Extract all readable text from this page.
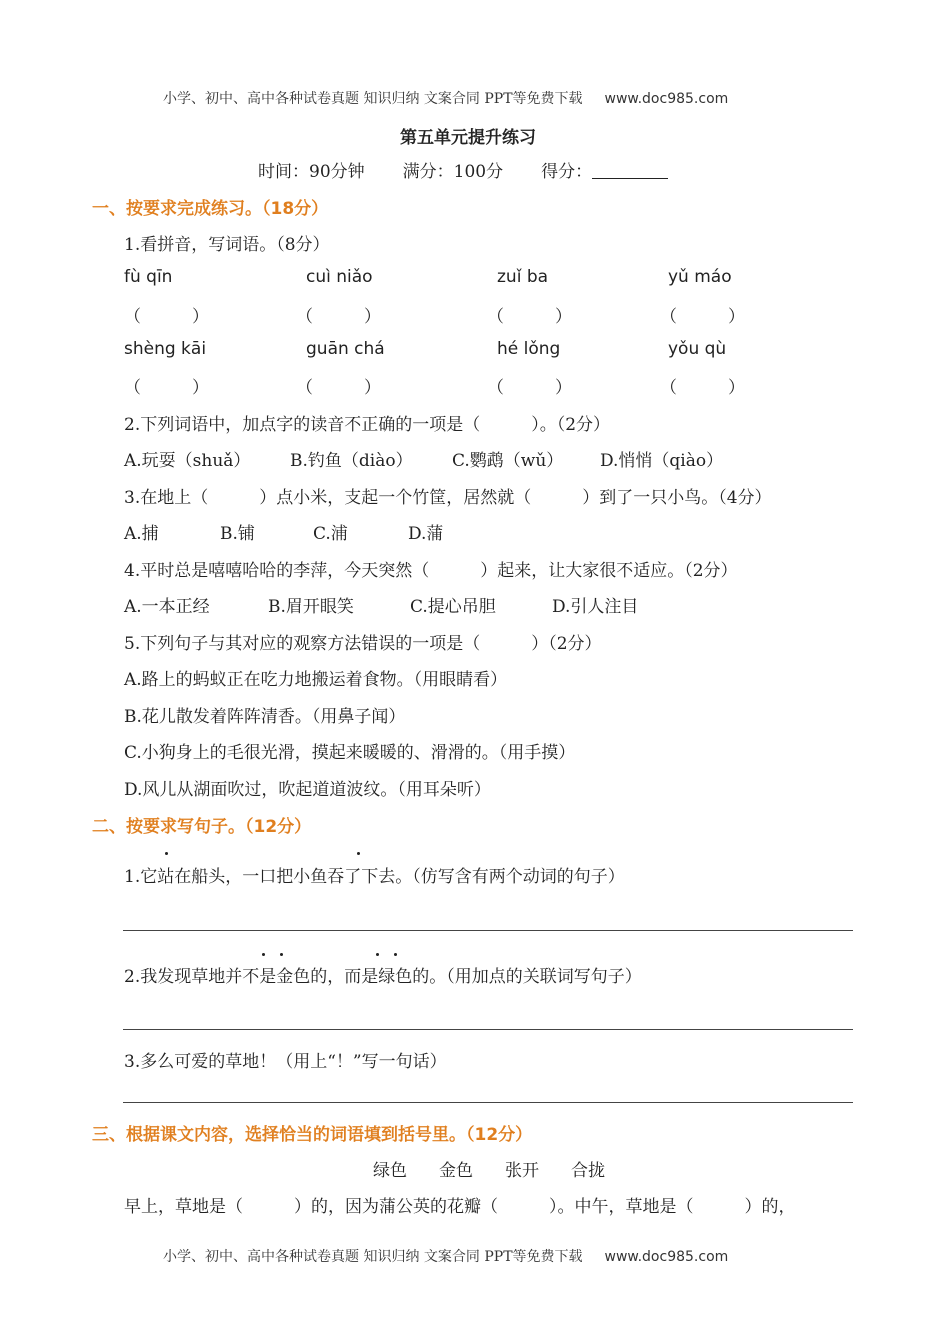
小学、初中、高中各种试卷真题 知识归纳 文案合同 PPT等免费下载 www.doc985.com
第五单元提升练习
时间：90分钟 满分：100分 得分：
一、按要求完成练习。（18分）
1.看拼音，写词语。（8分）
fù qīn	cuì niǎo	zuǐ ba	yǔ máo
（　　　）	（　　　）	（　　　）	（　　　）
shèng kāi	guān chá	hé lǒng	yǒu qù
（　　　）	（　　　）	（　　　）	（　　　）
2.下列词语中，加点字的读音不正确的一项是（　　　）。（2分）
A.玩耍（shuǎ） B.钓鱼（diào） C.鹦鹉（wǔ） D.悄悄（qiào）
3.在地上（　　　）点小米，支起一个竹筐，居然就（　　　）到了一只小鸟。（4分）
A.捕	B.铺	C.浦	D.蒲
4.平时总是嘻嘻哈哈的李萍，今天突然（　　　）起来，让大家很不适应。（2分）
A.一本正经	B.眉开眼笑	C.提心吊胆	D.引人注目
5.下列句子与其对应的观察方法错误的一项是（　　　）（2分）
A.路上的蚂蚁正在吃力地搬运着食物。（用眼睛看）
B.花儿散发着阵阵清香。（用鼻子闻）
C.小狗身上的毛很光滑，摸起来暖暖的、滑滑的。（用手摸）
D.风儿从湖面吹过，吹起道道波纹。（用耳朵听）
二、按要求写句子。（12分）
1.它站在船头，一口把小鱼吞了下去。（仿写含有两个动词的句子）
2.我发现草地并不是金色的，而是绿色的。（用加点的关联词写句子）
3.多么可爱的草地！（用上“！”写一句话）
三、根据课文内容，选择恰当的词语填到括号里。（12分）
绿色 金色 张开 合拢
早上，草地是（　　　）的，因为蒲公英的花瓣（　　　）。中午，草地是（　　　）的，
小学、初中、高中各种试卷真题 知识归纳 文案合同 PPT等免费下载 www.doc985.com
